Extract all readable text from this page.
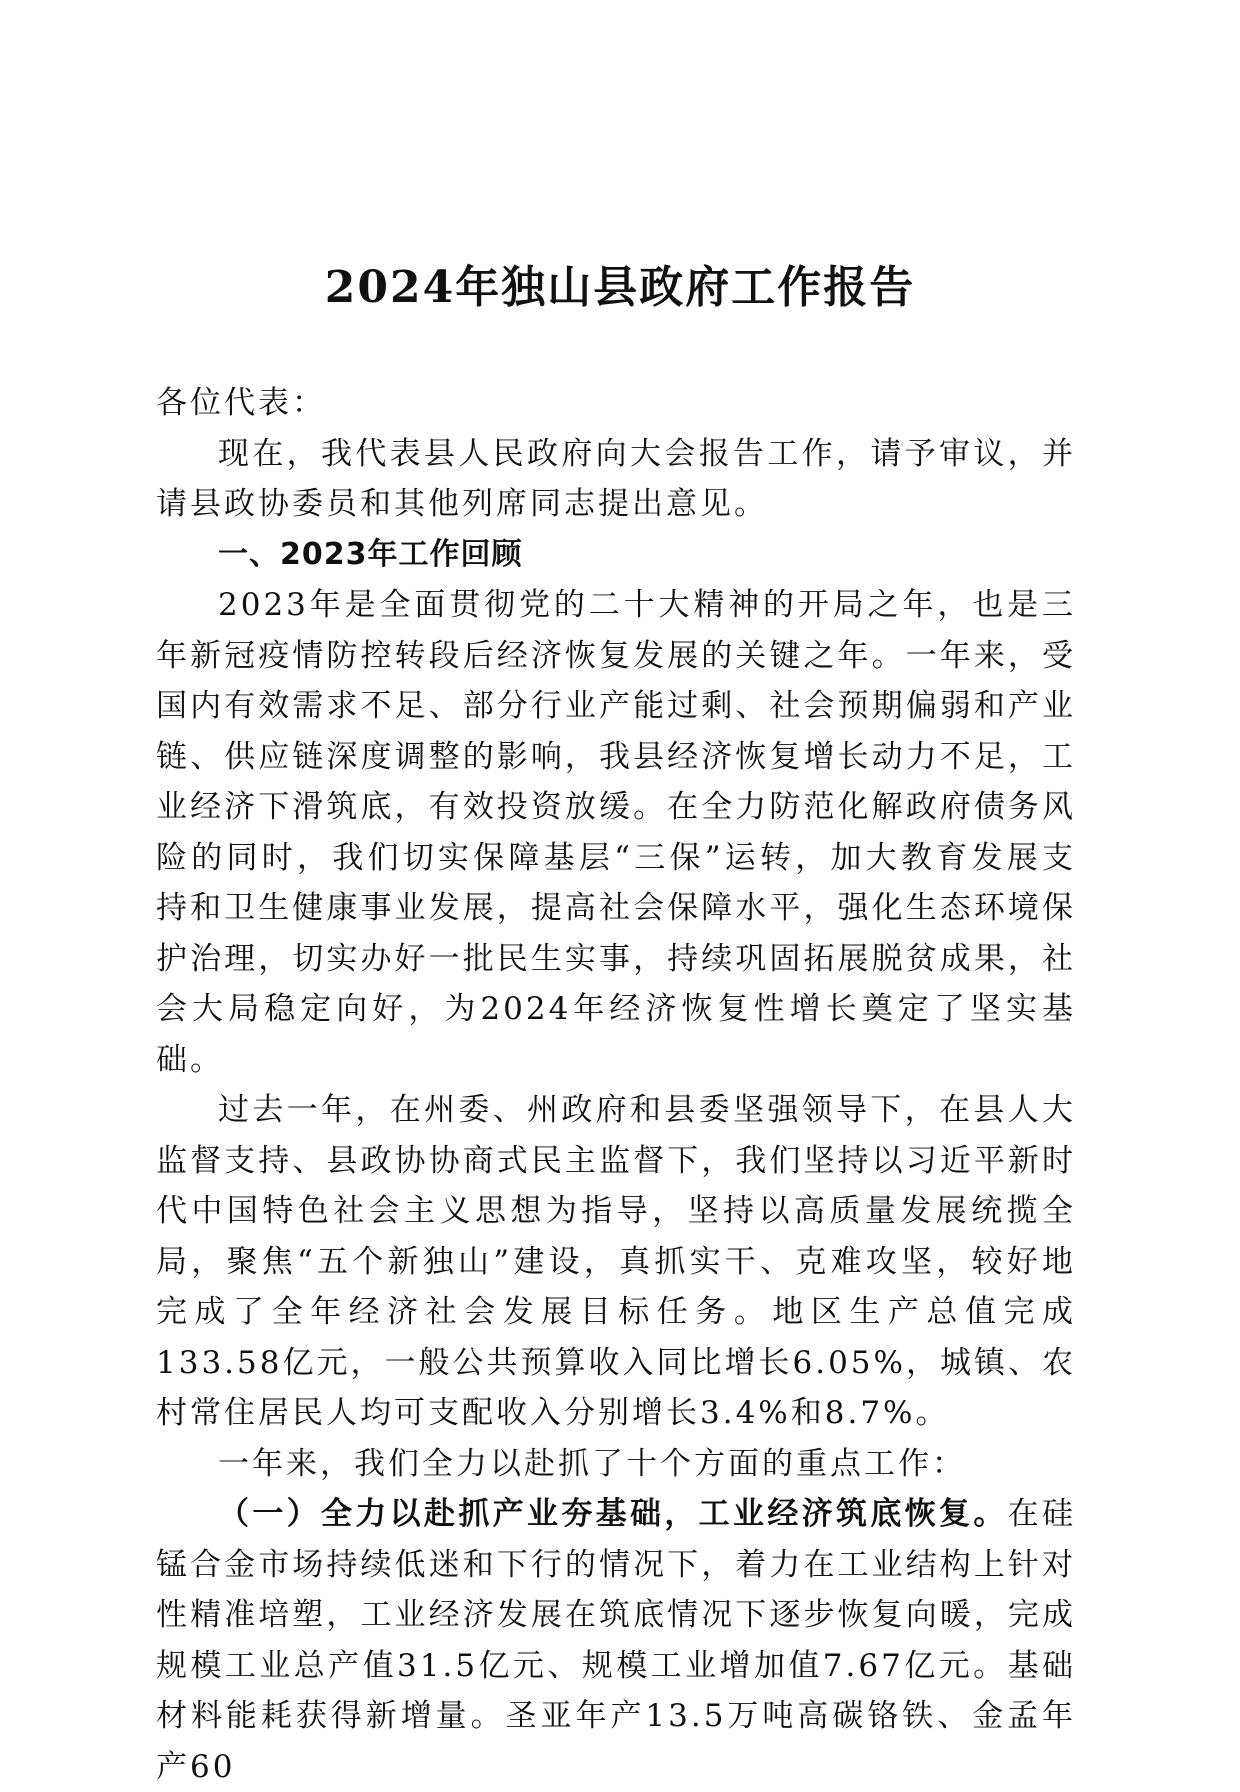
2024年独山县政府工作报告

各位代表：

现在，我代表县人民政府向大会报告工作，请予审议，并请县政协委员和其他列席同志提出意见。

一、2023年工作回顾

2023年是全面贯彻党的二十大精神的开局之年，也是三年新冠疫情防控转段后经济恢复发展的关键之年。一年来，受国内有效需求不足、部分行业产能过剩、社会预期偏弱和产业链、供应链深度调整的影响，我县经济恢复增长动力不足，工业经济下滑筑底，有效投资放缓。在全力防范化解政府债务风险的同时，我们切实保障基层“三保”运转，加大教育发展支持和卫生健康事业发展，提高社会保障水平，强化生态环境保护治理，切实办好一批民生实事，持续巩固拓展脱贫成果，社会大局稳定向好，为2024年经济恢复性增长奠定了坚实基础。

过去一年，在州委、州政府和县委坚强领导下，在县人大监督支持、县政协协商式民主监督下，我们坚持以习近平新时代中国特色社会主义思想为指导，坚持以高质量发展统揽全局，聚焦“五个新独山”建设，真抓实干、克难攻坚，较好地完成了全年经济社会发展目标任务。地区生产总值完成133.58亿元，一般公共预算收入同比增长6.05%，城镇、农村常住居民人均可支配收入分别增长3.4%和8.7%。

一年来，我们全力以赴抓了十个方面的重点工作：

（一）全力以赴抓产业夯基础，工业经济筑底恢复。在硅锰合金市场持续低迷和下行的情况下，着力在工业结构上针对性精准培塑，工业经济发展在筑底情况下逐步恢复向暖，完成规模工业总产值31.5亿元、规模工业增加值7.67亿元。基础材料能耗获得新增量。圣亚年产13.5万吨高碳铬铁、金孟年产60
